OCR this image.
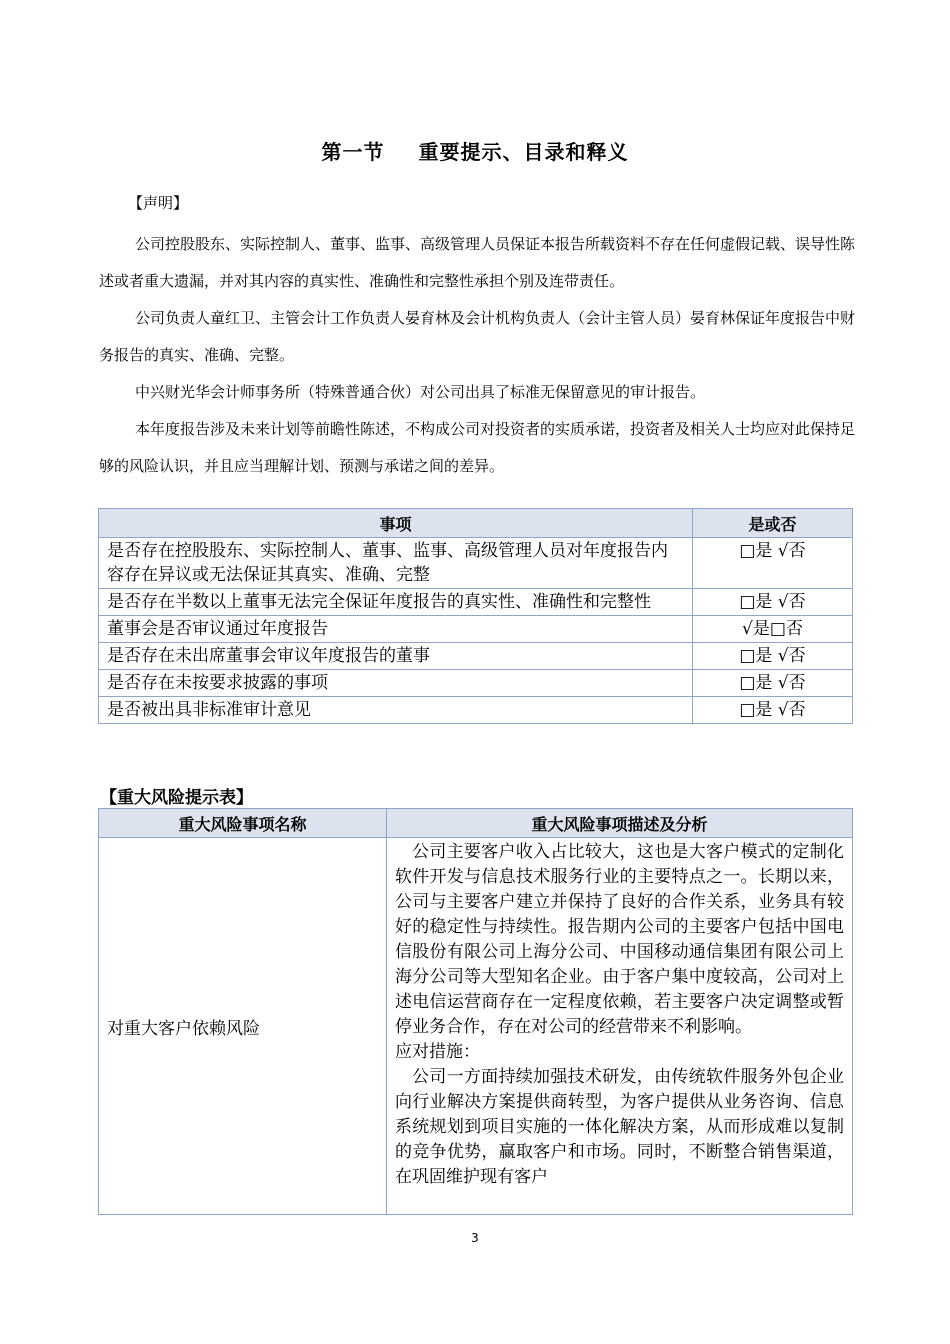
第一节 重要提示、目录和释义
【声明】

公司控股股东、实际控制人、董事、监事、高级管理人员保证本报告所载资料不存在任何虚假记载、误导性陈述或者重大遗漏，并对其内容的真实性、准确性和完整性承担个别及连带责任。

公司负责人童红卫、主管会计工作负责人晏育林及会计机构负责人（会计主管人员）晏育林保证年度报告中财务报告的真实、准确、完整。

中兴财光华会计师事务所（特殊普通合伙）对公司出具了标准无保留意见的审计报告。

本年度报告涉及未来计划等前瞻性陈述，不构成公司对投资者的实质承诺，投资者及相关人士均应对此保持足够的风险认识，并且应当理解计划、预测与承诺之间的差异。

事项	是或否
是否存在控股股东、实际控制人、董事、监事、高级管理人员对年度报告内容存在异议或无法保证其真实、准确、完整	□是 √否
是否存在半数以上董事无法完全保证年度报告的真实性、准确性和完整性	□是 √否
董事会是否审议通过年度报告	√是□否
是否存在未出席董事会审议年度报告的董事	□是 √否
是否存在未按要求披露的事项	□是 √否
是否被出具非标准审计意见	□是 √否
【重大风险提示表】
重大风险事项名称	重大风险事项描述及分析
对重大客户依赖风险	公司主要客户收入占比较大，这也是大客户模式的定制化软件开发与信息技术服务行业的主要特点之一。长期以来，公司与主要客户建立并保持了良好的合作关系，业务具有较好的稳定性与持续性。报告期内公司的主要客户包括中国电信股份有限公司上海分公司、中国移动通信集团有限公司上海分公司等大型知名企业。由于客户集中度较高，公司对上述电信运营商存在一定程度依赖，若主要客户决定调整或暂停业务合作，存在对公司的经营带来不利影响。

应对措施：

公司一方面持续加强技术研发，由传统软件服务外包企业向行业解决方案提供商转型，为客户提供从业务咨询、信息系统规划到项目实施的一体化解决方案，从而形成难以复制的竞争优势，赢取客户和市场。同时，不断整合销售渠道，在巩固维护现有客户

3
